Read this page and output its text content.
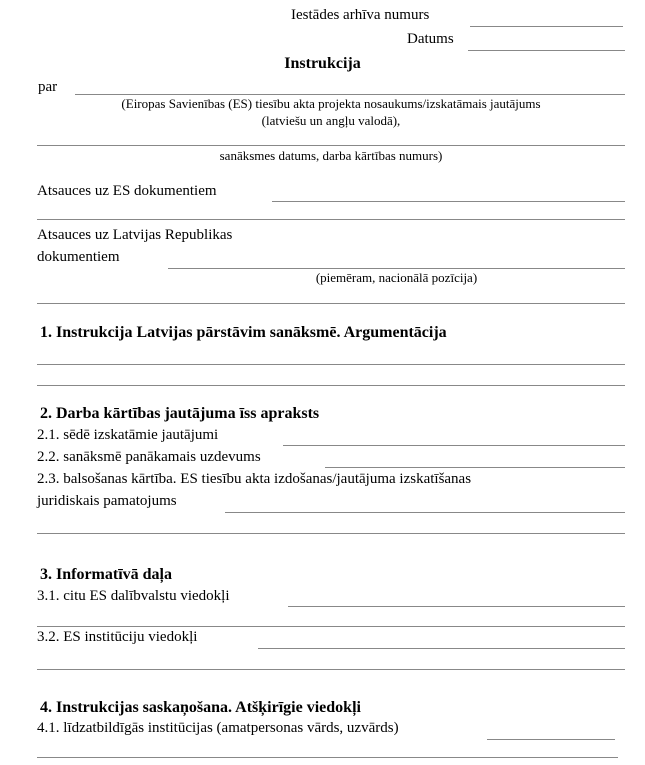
Iestādes arhīva numurs
Datums
Instrukcija
par
(Eiropas Savienības (ES) tiesību akta projekta nosaukums/izskatāmais jautājums
(latviešu un angļu valodā),
sanāksmes datums, darba kārtības numurs)
Atsauces uz ES dokumentiem
Atsauces uz Latvijas Republikas
dokumentiem
(piemēram, nacionālā pozīcija)
1. Instrukcija Latvijas pārstāvim sanāksmē. Argumentācija
2. Darba kārtības jautājuma īss apraksts
2.1. sēdē izskatāmie jautājumi
2.2. sanāksmē panākamais uzdevums
2.3. balsošanas kārtība. ES tiesību akta izdošanas/jautājuma izskatīšanas
juridiskais pamatojums
3. Informatīvā daļa
3.1. citu ES dalībvalstu viedokļi
3.2. ES institūciju viedokļi
4. Instrukcijas saskaņošana. Atšķirīgie viedokļi
4.1. līdzatbildīgās institūcijas (amatpersonas vārds, uzvārds)
